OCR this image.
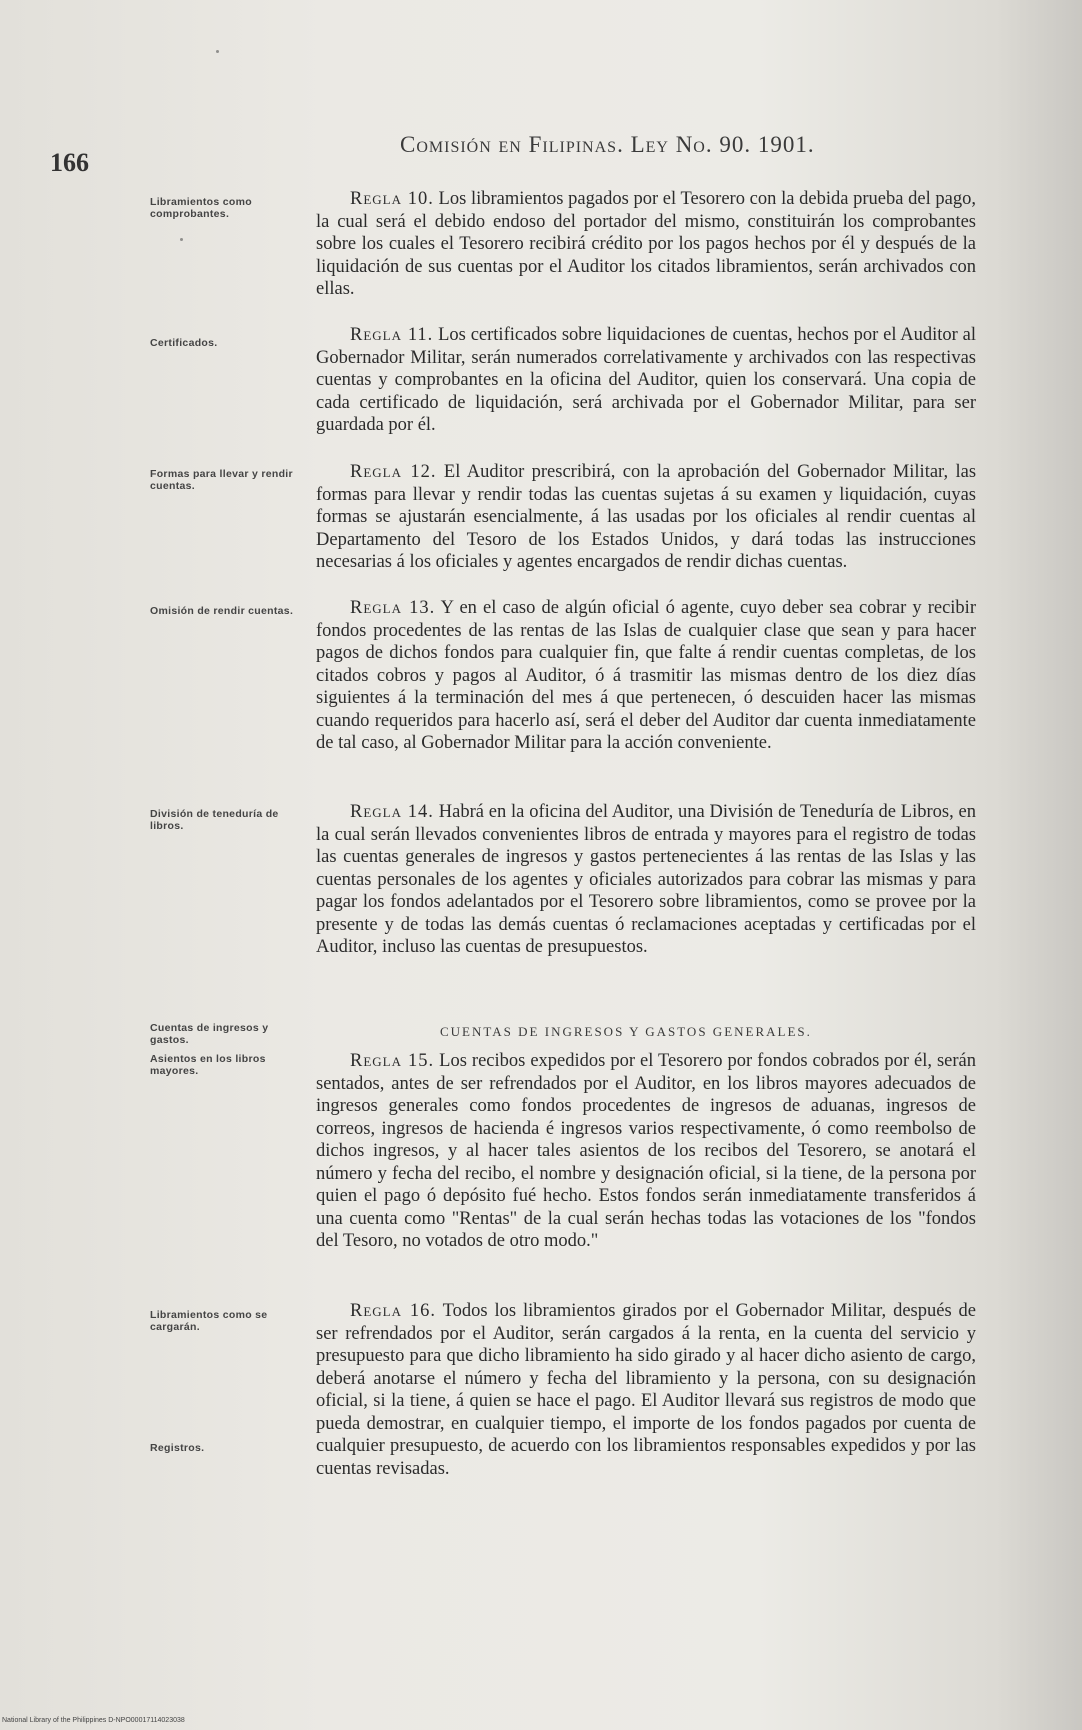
166
Comisión en Filipinas. Ley No. 90. 1901.
Libramientos como comprobantes.
Certificados.
Formas para llevar y rendir cuentas.
Omisión de rendir cuentas.
División de teneduría de libros.
Cuentas de ingresos y gastos.
Asientos en los libros mayores.
Libramientos como se cargarán.
Registros.
Regla 10. Los libramientos pagados por el Tesorero con la debida prueba del pago, la cual será el debido endoso del portador del mismo, constituirán los comprobantes sobre los cuales el Tesorero recibirá crédito por los pagos hechos por él y después de la liquidación de sus cuentas por el Auditor los citados libramientos, serán archivados con ellas.
Regla 11. Los certificados sobre liquidaciones de cuentas, hechos por el Auditor al Gobernador Militar, serán numerados correlativamente y archivados con las respectivas cuentas y comprobantes en la oficina del Auditor, quien los conservará. Una copia de cada certificado de liquidación, será archivada por el Gobernador Militar, para ser guardada por él.
Regla 12. El Auditor prescribirá, con la aprobación del Gobernador Militar, las formas para llevar y rendir todas las cuentas sujetas á su examen y liquidación, cuyas formas se ajustarán esencialmente, á las usadas por los oficiales al rendir cuentas al Departamento del Tesoro de los Estados Unidos, y dará todas las instrucciones necesarias á los oficiales y agentes encargados de rendir dichas cuentas.
Regla 13. Y en el caso de algún oficial ó agente, cuyo deber sea cobrar y recibir fondos procedentes de las rentas de las Islas de cualquier clase que sean y para hacer pagos de dichos fondos para cualquier fin, que falte á rendir cuentas completas, de los citados cobros y pagos al Auditor, ó á trasmitir las mismas dentro de los diez días siguientes á la terminación del mes á que pertenecen, ó descuiden hacer las mismas cuando requeridos para hacerlo así, será el deber del Auditor dar cuenta inmediatamente de tal caso, al Gobernador Militar para la acción conveniente.
Regla 14. Habrá en la oficina del Auditor, una División de Teneduría de Libros, en la cual serán llevados convenientes libros de entrada y mayores para el registro de todas las cuentas generales de ingresos y gastos pertenecientes á las rentas de las Islas y las cuentas personales de los agentes y oficiales autorizados para cobrar las mismas y para pagar los fondos adelantados por el Tesorero sobre libramientos, como se provee por la presente y de todas las demás cuentas ó reclamaciones aceptadas y certificadas por el Auditor, incluso las cuentas de presupuestos.
CUENTAS DE INGRESOS Y GASTOS GENERALES.
Regla 15. Los recibos expedidos por el Tesorero por fondos cobrados por él, serán sentados, antes de ser refrendados por el Auditor, en los libros mayores adecuados de ingresos generales como fondos procedentes de ingresos de aduanas, ingresos de correos, ingresos de hacienda é ingresos varios respectivamente, ó como reembolso de dichos ingresos, y al hacer tales asientos de los recibos del Tesorero, se anotará el número y fecha del recibo, el nombre y designación oficial, si la tiene, de la persona por quien el pago ó depósito fué hecho. Estos fondos serán inmediatamente transferidos á una cuenta como "Rentas" de la cual serán hechas todas las votaciones de los "fondos del Tesoro, no votados de otro modo."
Regla 16. Todos los libramientos girados por el Gobernador Militar, después de ser refrendados por el Auditor, serán cargados á la renta, en la cuenta del servicio y presupuesto para que dicho libramiento ha sido girado y al hacer dicho asiento de cargo, deberá anotarse el número y fecha del libramiento y la persona, con su designación oficial, si la tiene, á quien se hace el pago. El Auditor llevará sus registros de modo que pueda demostrar, en cualquier tiempo, el importe de los fondos pagados por cuenta de cualquier presupuesto, de acuerdo con los libramientos responsables expedidos y por las cuentas revisadas.
National Library of the Philippines D-NPO00017114023038
